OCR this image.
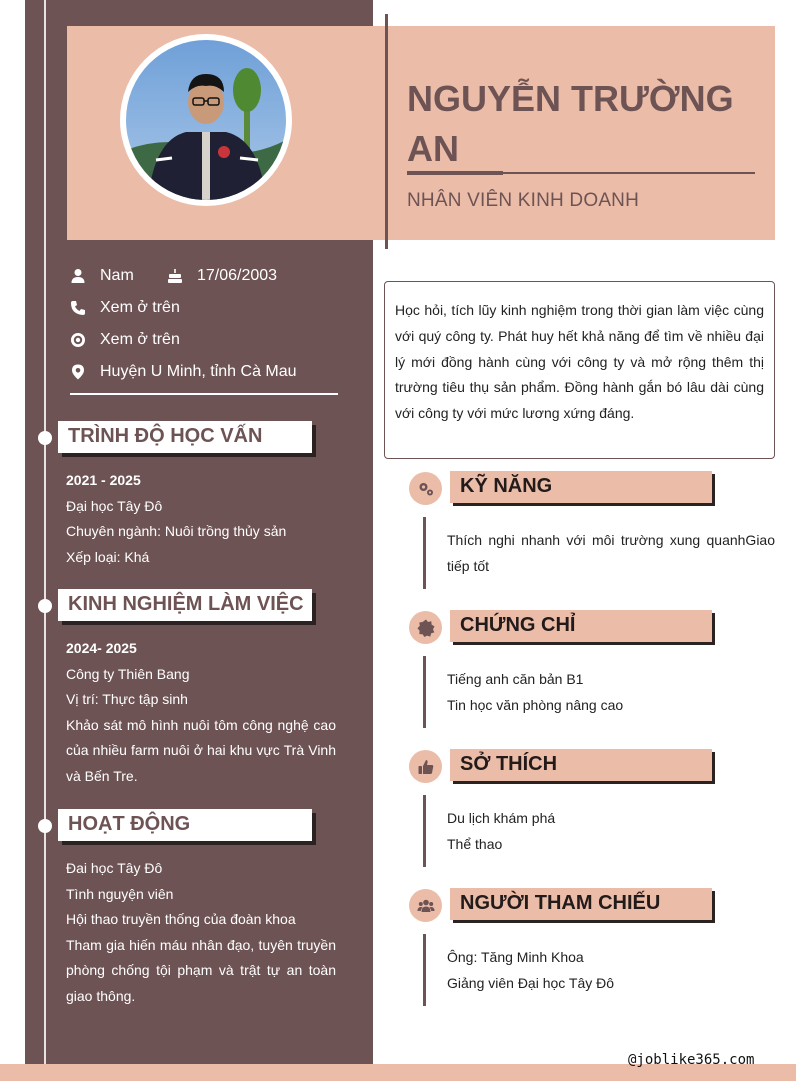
NGUYỄN TRƯỜNG AN
NHÂN VIÊN KINH DOANH
Nam	17/06/2003
Xem ở trên
Xem ở trên
Huyện U Minh, tỉnh Cà Mau
TRÌNH ĐỘ HỌC VẤN
2021 - 2025
Đại học Tây Đô
Chuyên ngành: Nuôi trồng thủy sản
Xếp loại: Khá
KINH NGHIỆM LÀM VIỆC
2024- 2025
Công ty Thiên Bang
Vị trí: Thực tập sinh
Khảo sát mô hình nuôi tôm công nghệ cao của nhiều farm nuôi ở hai khu vực Trà Vinh và Bến Tre.
HOẠT ĐỘNG
Đai học Tây Đô
Tình nguyện viên
Hội thao truyền thống của đoàn khoa
Tham gia hiến máu nhân đạo, tuyên truyền phòng chống tội phạm và trật tự an toàn giao thông.
Học hỏi, tích lũy kinh nghiệm trong thời gian làm việc cùng với quý công ty. Phát huy hết khả năng để tìm về nhiều đại lý mới đồng hành cùng với công ty và mở rộng thêm thị trường tiêu thụ sản phẩm. Đồng hành gắn bó lâu dài cùng với công ty với mức lương xứng đáng.
KỸ NĂNG
Thích nghi nhanh với môi trường xung quanhGiao tiếp tốt
CHỨNG CHỈ
Tiếng anh căn bản B1
Tin học văn phòng nâng cao
SỞ THÍCH
Du lịch khám phá
Thể thao
NGƯỜI THAM CHIẾU
Ông: Tăng Minh Khoa
Giảng viên Đại học Tây Đô
@joblike365.com
